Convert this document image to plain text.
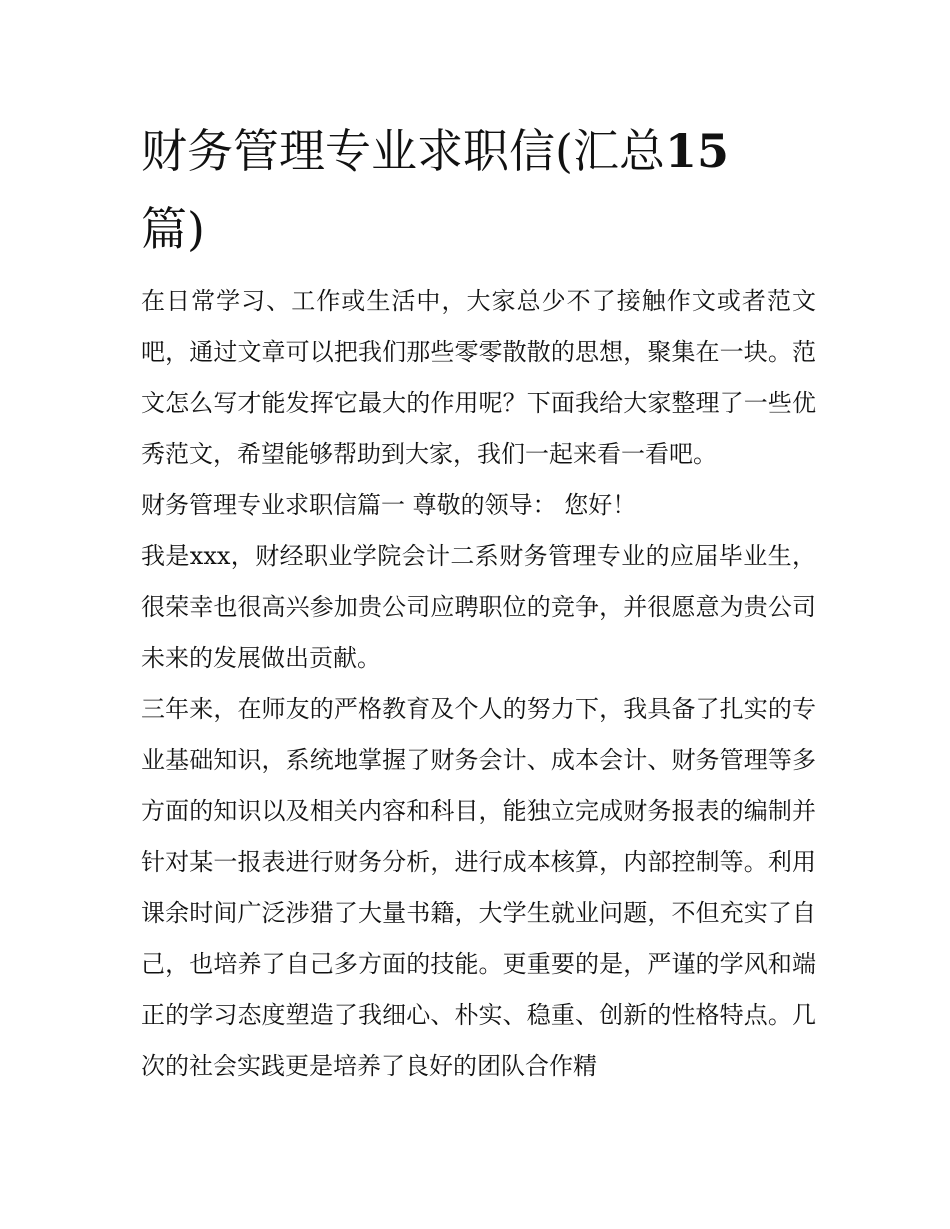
财务管理专业求职信(汇总15
篇)

在日常学习、工作或生活中，大家总少不了接触作文或者范文吧，通过文章可以把我们那些零零散散的思想，聚集在一块。范文怎么写才能发挥它最大的作用呢？下面我给大家整理了一些优秀范文，希望能够帮助到大家，我们一起来看一看吧。

财务管理专业求职信篇一 尊敬的领导： 您好！

我是xxx，财经职业学院会计二系财务管理专业的应届毕业生，很荣幸也很高兴参加贵公司应聘职位的竞争，并很愿意为贵公司未来的发展做出贡献。

三年来，在师友的严格教育及个人的努力下，我具备了扎实的专业基础知识，系统地掌握了财务会计、成本会计、财务管理等多方面的知识以及相关内容和科目，能独立完成财务报表的编制并针对某一报表进行财务分析，进行成本核算，内部控制等。利用课余时间广泛涉猎了大量书籍，大学生就业问题，不但充实了自己，也培养了自己多方面的技能。更重要的是，严谨的学风和端正的学习态度塑造了我细心、朴实、稳重、创新的性格特点。几次的社会实践更是培养了良好的团队合作精
